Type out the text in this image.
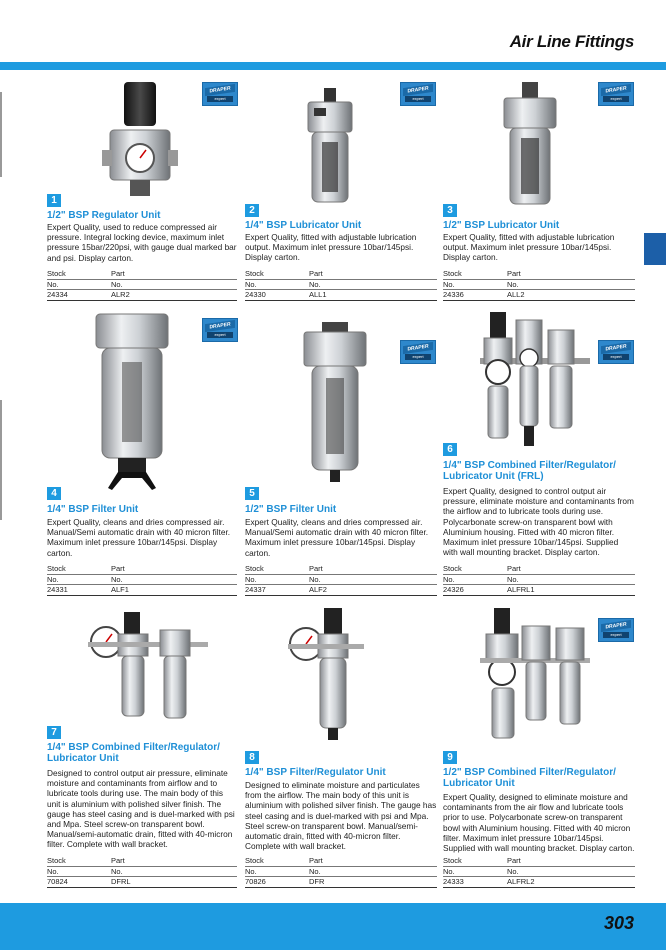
Air Line Fittings
DRAPER
expert
1
1/2" BSP Regulator Unit
Expert Quality, used to reduce compressed air pressure. Integral locking device, maximum inlet pressure 15bar/220psi, with gauge dual marked bar and psi. Display carton.
Stock	Part
No.	No.
24334	ALR2
DRAPER
expert
2
1/4" BSP Lubricator Unit
Expert Quality, fitted with adjustable lubrication output. Maximum inlet pressure 10bar/145psi. Display carton.
Stock	Part
No.	No.
24330	ALL1
DRAPER
expert
3
1/2" BSP Lubricator Unit
Expert Quality, fitted with adjustable lubrication output. Maximum inlet pressure 10bar/145psi. Display carton.
Stock	Part
No.	No.
24336	ALL2
DRAPER
expert
4
1/4" BSP Filter Unit
Expert Quality, cleans and dries compressed air. Manual/Semi automatic drain with 40 micron filter. Maximum inlet pressure 10bar/145psi. Display carton.
Stock	Part
No.	No.
24331	ALF1
DRAPER
expert
5
1/2" BSP Filter Unit
Expert Quality, cleans and dries compressed air. Manual/Semi automatic drain with 40 micron filter. Maximum inlet pressure 10bar/145psi. Display carton.
Stock	Part
No.	No.
24337	ALF2
DRAPER
expert
6
1/4" BSP Combined Filter/Regulator/
Lubricator Unit (FRL)
Expert Quality, designed to control output air pressure, eliminate moisture and contaminants from the airflow and to lubricate tools during use. Polycarbonate screw-on transparent bowl with Aluminium housing. Fitted with 40 micron filter. Maximum inlet pressure 10bar/145psi. Supplied with wall mounting bracket. Display carton.
Stock	Part
No.	No.
24326	ALFRL1
7
1/4" BSP Combined Filter/Regulator/
Lubricator Unit
Designed to control output air pressure, eliminate moisture and contaminants from airflow and to lubricate tools during use. The main body of this unit is aluminium with polished silver finish. The gauge has steel casing and is duel-marked with psi and Mpa. Steel screw-on transparent bowl. Manual/semi-automatic drain, fitted with 40-micron filter. Complete with wall bracket.
Stock	Part
No.	No.
70824	DFRL
8
1/4" BSP Filter/Regulator Unit
Designed to eliminate moisture and particulates from the airflow. The main body of this unit is aluminium with polished silver finish. The gauge has steel casing and is duel-marked with psi and Mpa. Steel screw-on transparent bowl. Manual/semi-automatic drain, fitted with 40-micron filter. Complete with wall bracket.
Stock	Part
No.	No.
70826	DFR
DRAPER
expert
9
1/2" BSP Combined Filter/Regulator/
Lubricator Unit
Expert Quality, designed to eliminate moisture and contaminants from the air flow and lubricate tools prior to use. Polycarbonate screw-on transparent bowl with Aluminium housing. Fitted with 40 micron filter. Maximum inlet pressure 10bar/145psi. Supplied with wall mounting bracket. Display carton.
Stock	Part
No.	No.
24333	ALFRL2
303
